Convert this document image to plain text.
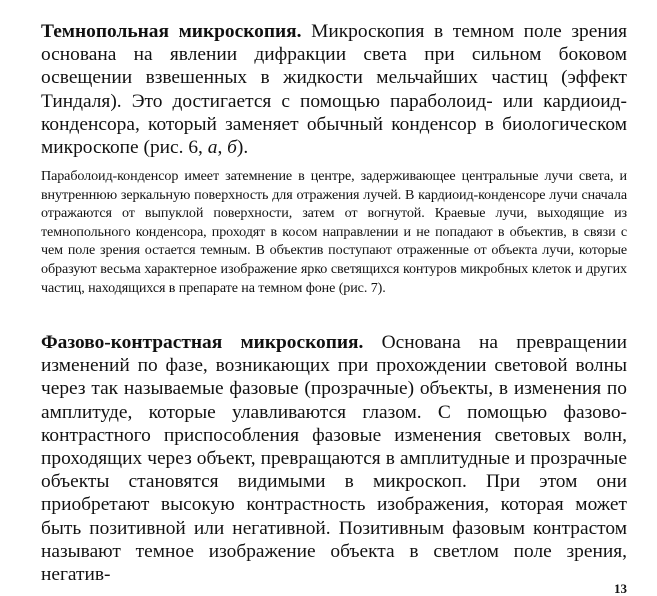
Темнопольная микроскопия. Микроскопия в темном поле зрения основана на явлении дифракции света при сильном боковом освещении взвешенных в жидкости мельчайших частиц (эффект Тиндаля). Это достигается с помощью параболоид- или кардиоид-конденсора, который заменяет обычный конденсор в биологическом микроскопе (рис. 6, а, б).

Параболоид-конденсор имеет затемнение в центре, задерживающее центральные лучи света, и внутреннюю зеркальную поверхность для отражения лучей. В кардиоид-конденсоре лучи сначала отражаются от выпуклой поверхности, затем от вогнутой. Краевые лучи, выходящие из темнопольного конденсора, проходят в косом направлении и не попадают в объектив, в связи с чем поле зрения остается темным. В объектив поступают отраженные от объекта лучи, которые образуют весьма характерное изображение ярко светящихся контуров микробных клеток и других частиц, находящихся в препарате на темном фоне (рис. 7).

Фазово-контрастная микроскопия. Основана на превращении изменений по фазе, возникающих при прохождении световой волны через так называемые фазовые (прозрачные) объекты, в изменения по амплитуде, которые улавливаются глазом. С помощью фазово-контрастного приспособления фазовые изменения световых волн, проходящих через объект, превращаются в амплитудные и прозрачные объекты становятся видимыми в микроскоп. При этом они приобретают высокую контрастность изображения, которая может быть позитивной или негативной. Позитивным фазовым контрастом называют темное изображение объекта в светлом поле зрения, негатив-

13
